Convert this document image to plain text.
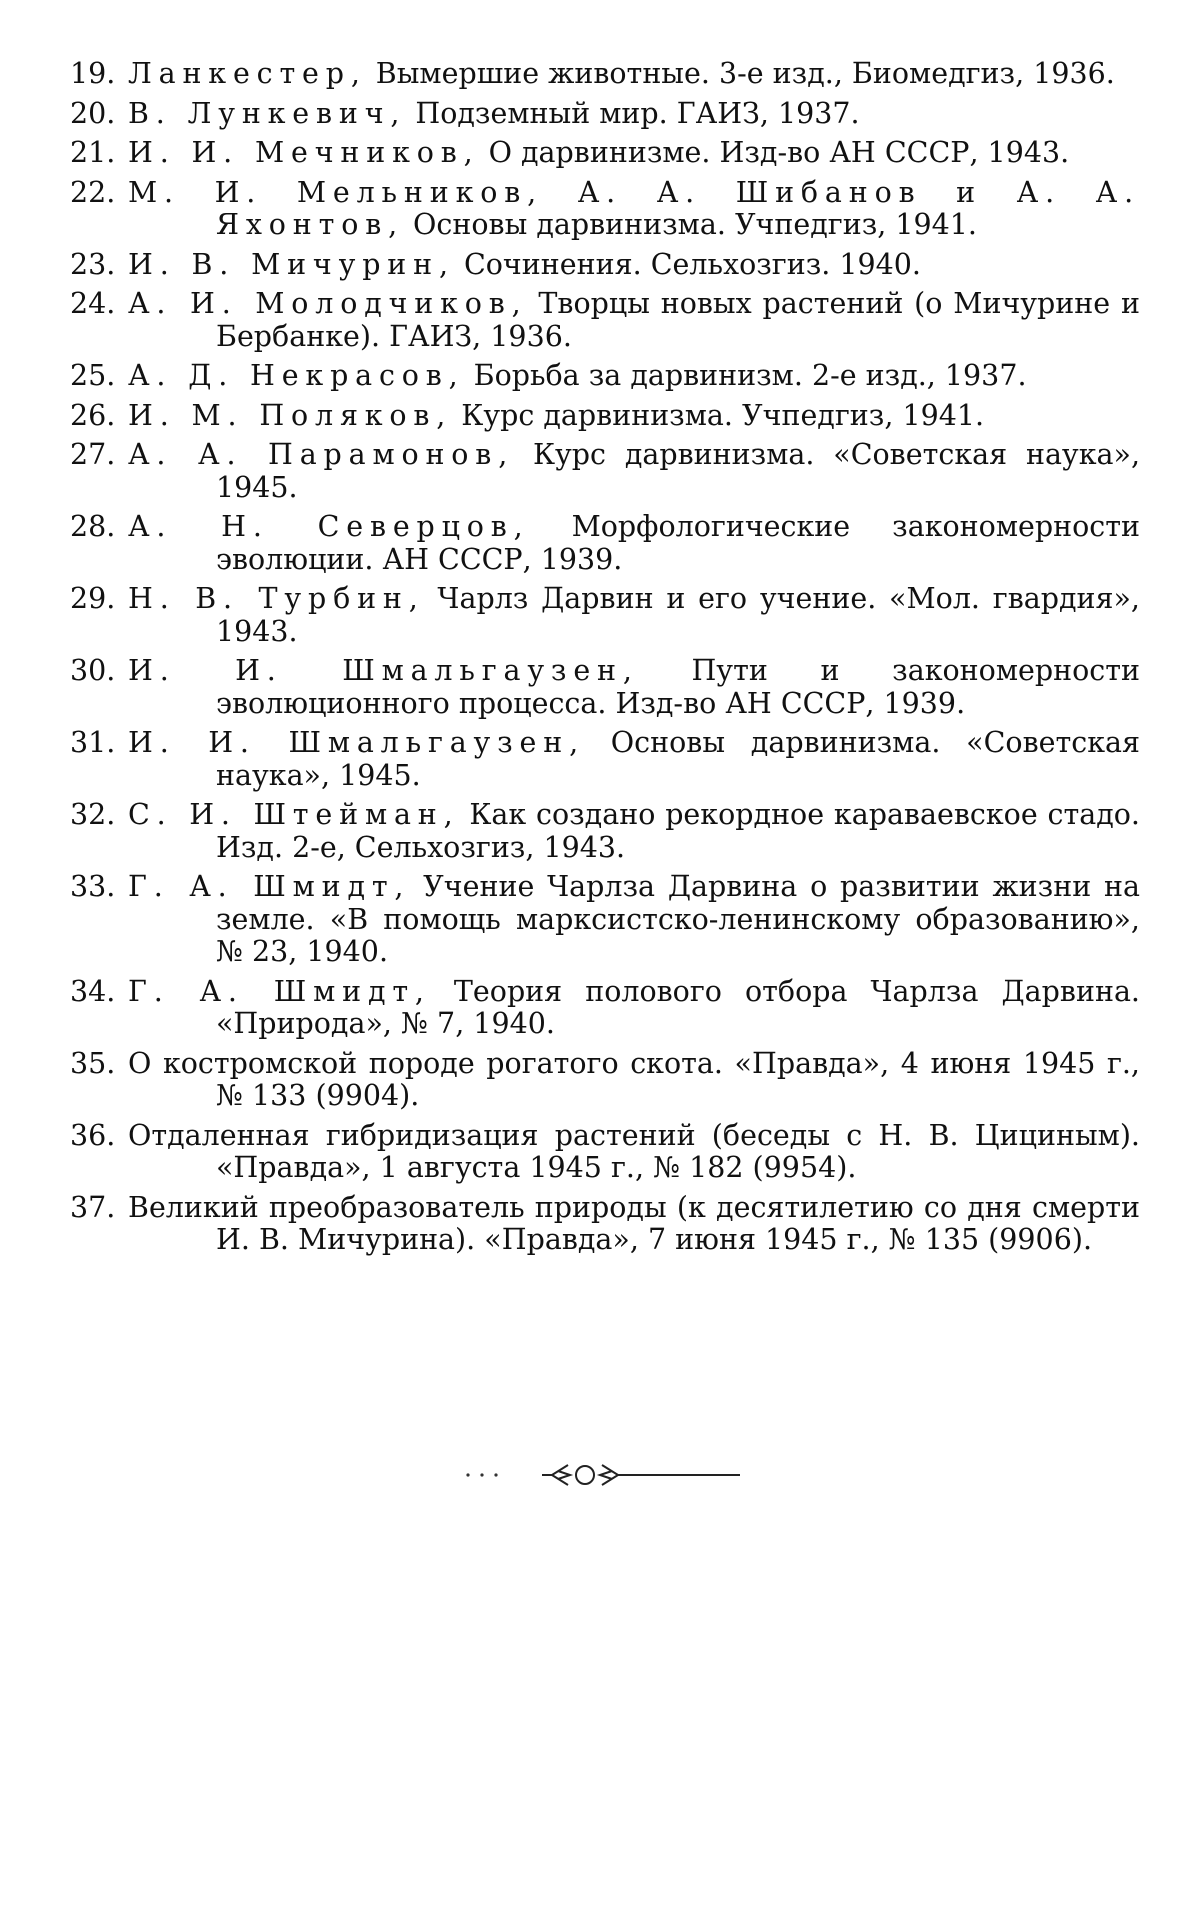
19. Ланкестер, Вымершие животные. 3-е изд., Биомедгиз, 1936.
20. В. Лункевич, Подземный мир. ГАИЗ, 1937.
21. И. И. Мечников, О дарвинизме. Изд-во АН СССР, 1943.
22. М. И. Мельников, А. А. Шибанов и А. А. Яхонтов, Основы дарвинизма. Учпедгиз, 1941.
23. И. В. Мичурин, Сочинения. Сельхозгиз. 1940.
24. А. И. Молодчиков, Творцы новых растений (о Мичурине и Бербанке). ГАИЗ, 1936.
25. А. Д. Некрасов, Борьба за дарвинизм. 2-е изд., 1937.
26. И. М. Поляков, Курс дарвинизма. Учпедгиз, 1941.
27. А. А. Парамонов, Курс дарвинизма. «Советская наука», 1945.
28. А. Н. Северцов, Морфологические закономерности эволюции. АН СССР, 1939.
29. Н. В. Турбин, Чарлз Дарвин и его учение. «Мол. гвардия», 1943.
30. И. И. Шмальгаузен, Пути и закономерности эволюционного процесса. Изд-во АН СССР, 1939.
31. И. И. Шмальгаузен, Основы дарвинизма. «Советская наука», 1945.
32. С. И. Штейман, Как создано рекордное караваевское стадо. Изд. 2-е, Сельхозгиз, 1943.
33. Г. А. Шмидт, Учение Чарлза Дарвина о развитии жизни на земле. «В помощь марксистско-ленинскому образованию», № 23, 1940.
34. Г. А. Шмидт, Теория полового отбора Чарлза Дарвина. «Природа», № 7, 1940.
35. О костромской породе рогатого скота. «Правда», 4 июня 1945 г., № 133 (9904).
36. Отдаленная гибридизация растений (беседы с Н. В. Цициным). «Правда», 1 августа 1945 г., № 182 (9954).
37. Великий преобразователь природы (к десятилетию со дня смерти И. В. Мичурина). «Правда», 7 июня 1945 г., № 135 (9906).
